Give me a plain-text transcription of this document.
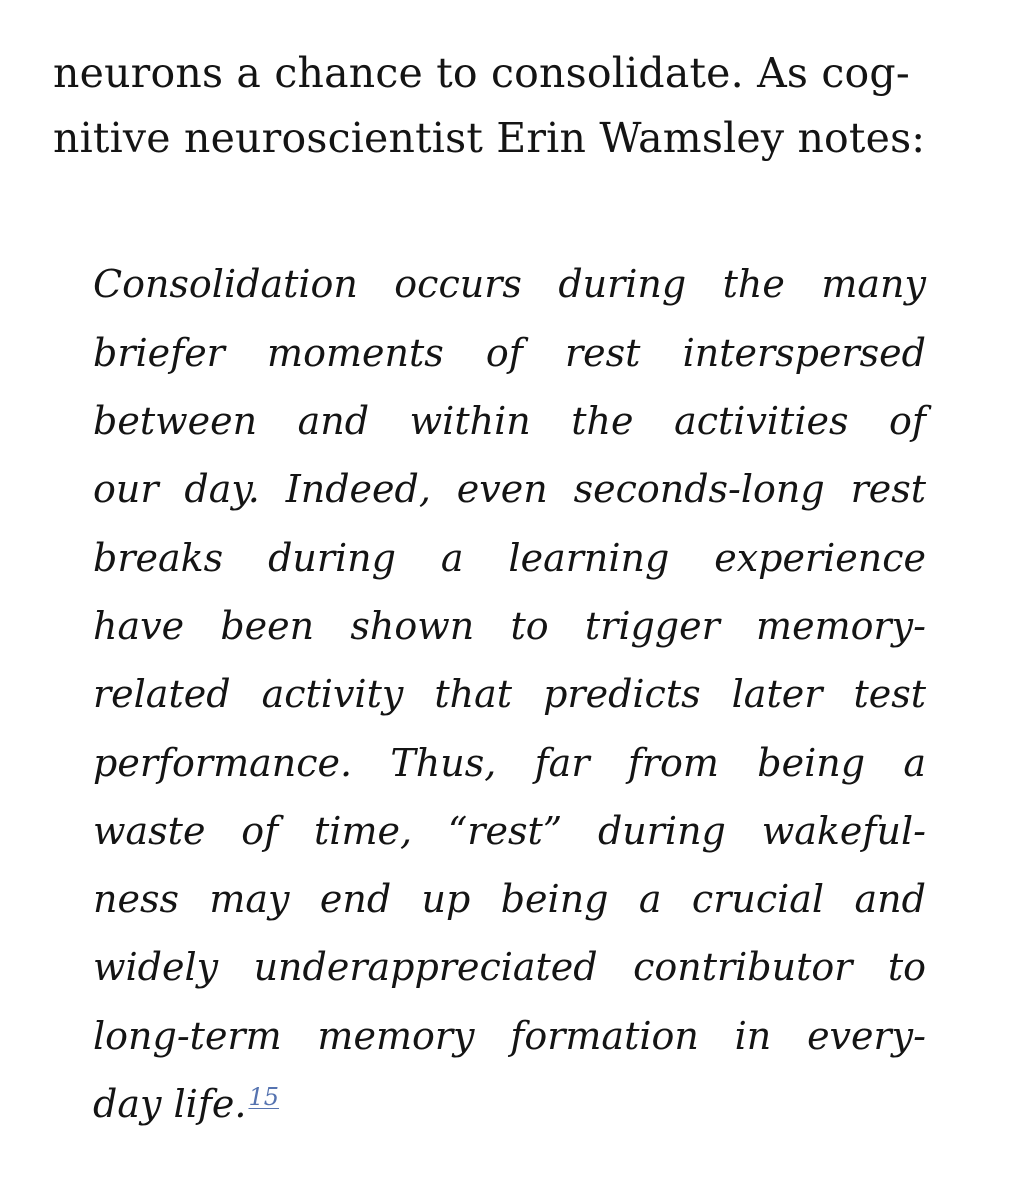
neurons a chance to consolidate. As cog-
nitive neuroscientist Erin Wamsley notes:
Consolidation occurs during the many
briefer moments of rest interspersed
between and within the activities of
our day. Indeed, even seconds-long rest
breaks during a learning experience
have been shown to trigger memory-
related activity that predicts later test
performance. Thus, far from being a
waste of time, “rest” during wakeful-
ness may end up being a crucial and
widely underappreciated contributor to
long-term memory formation in every-
day life. 15
